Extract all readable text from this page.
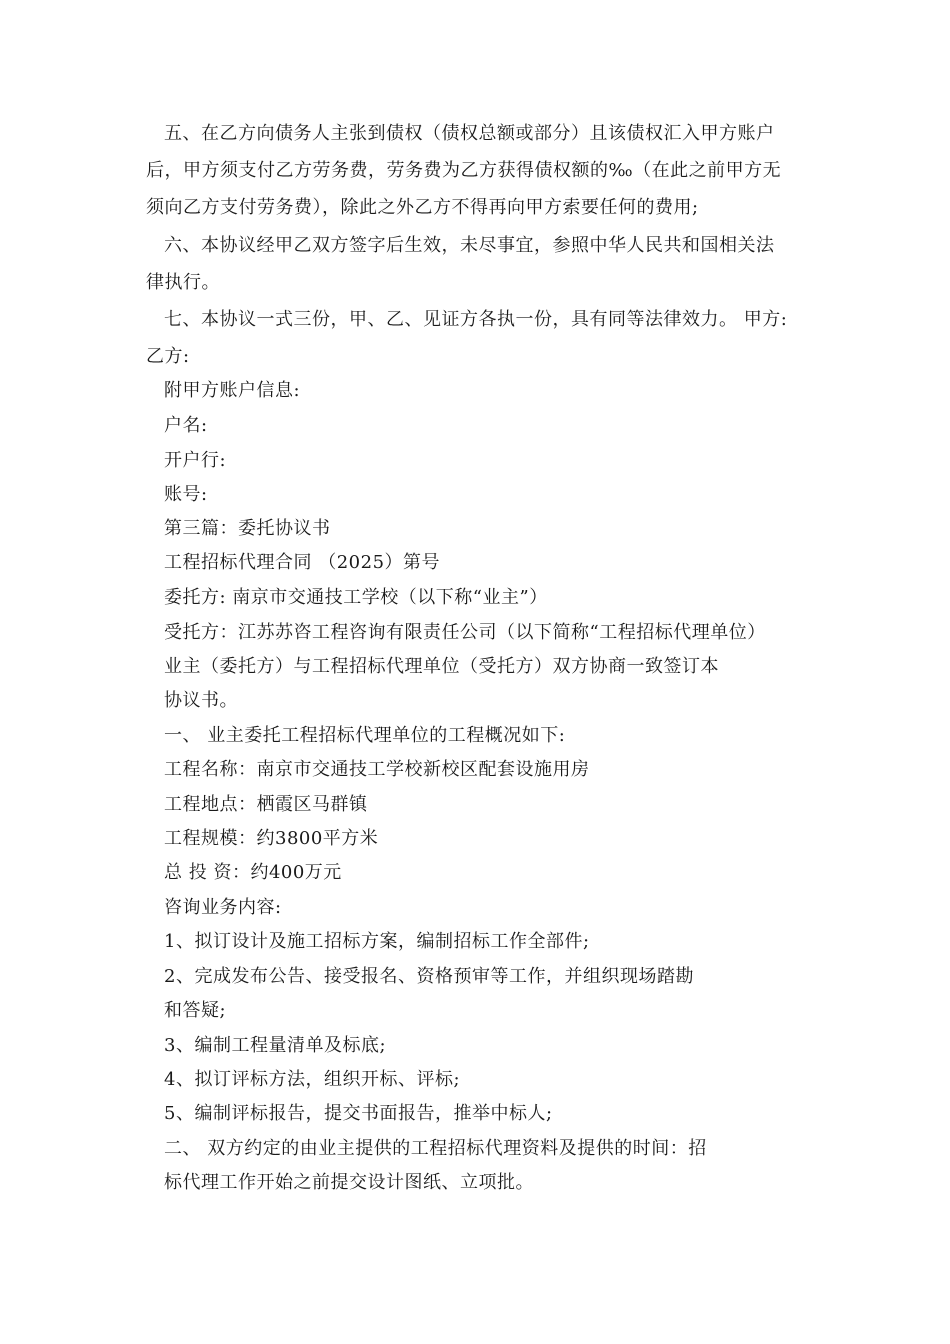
五、在乙方向债务人主张到债权（债权总额或部分）且该债权汇入甲方账户
后，甲方须支付乙方劳务费，劳务费为乙方获得债权额的‰（在此之前甲方无
须向乙方支付劳务费），除此之外乙方不得再向甲方索要任何的费用;
六、本协议经甲乙双方签字后生效，未尽事宜，参照中华人民共和国相关法
律执行。
七、本协议一式三份，甲、乙、见证方各执一份，具有同等法律效力。 甲方:
乙方:
附甲方账户信息:
户名:
开户行:
账号:
第三篇：委托协议书
工程招标代理合同 （2025）第号
委托方: 南京市交通技工学校（以下称“业主”）
受托方：江苏苏咨工程咨询有限责任公司（以下简称“工程招标代理单位）
业主（委托方）与工程招标代理单位（受托方）双方协商一致签订本
协议书。
一、 业主委托工程招标代理单位的工程概况如下:
工程名称：南京市交通技工学校新校区配套设施用房
工程地点：栖霞区马群镇
工程规模：约3800平方米
总 投 资：约400万元
咨询业务内容:
1、拟订设计及施工招标方案，编制招标工作全部件;
2、完成发布公告、接受报名、资格预审等工作，并组织现场踏勘
和答疑;
3、编制工程量清单及标底;
4、拟订评标方法，组织开标、评标;
5、编制评标报告，提交书面报告，推举中标人;
二、 双方约定的由业主提供的工程招标代理资料及提供的时间：招
标代理工作开始之前提交设计图纸、立项批。
